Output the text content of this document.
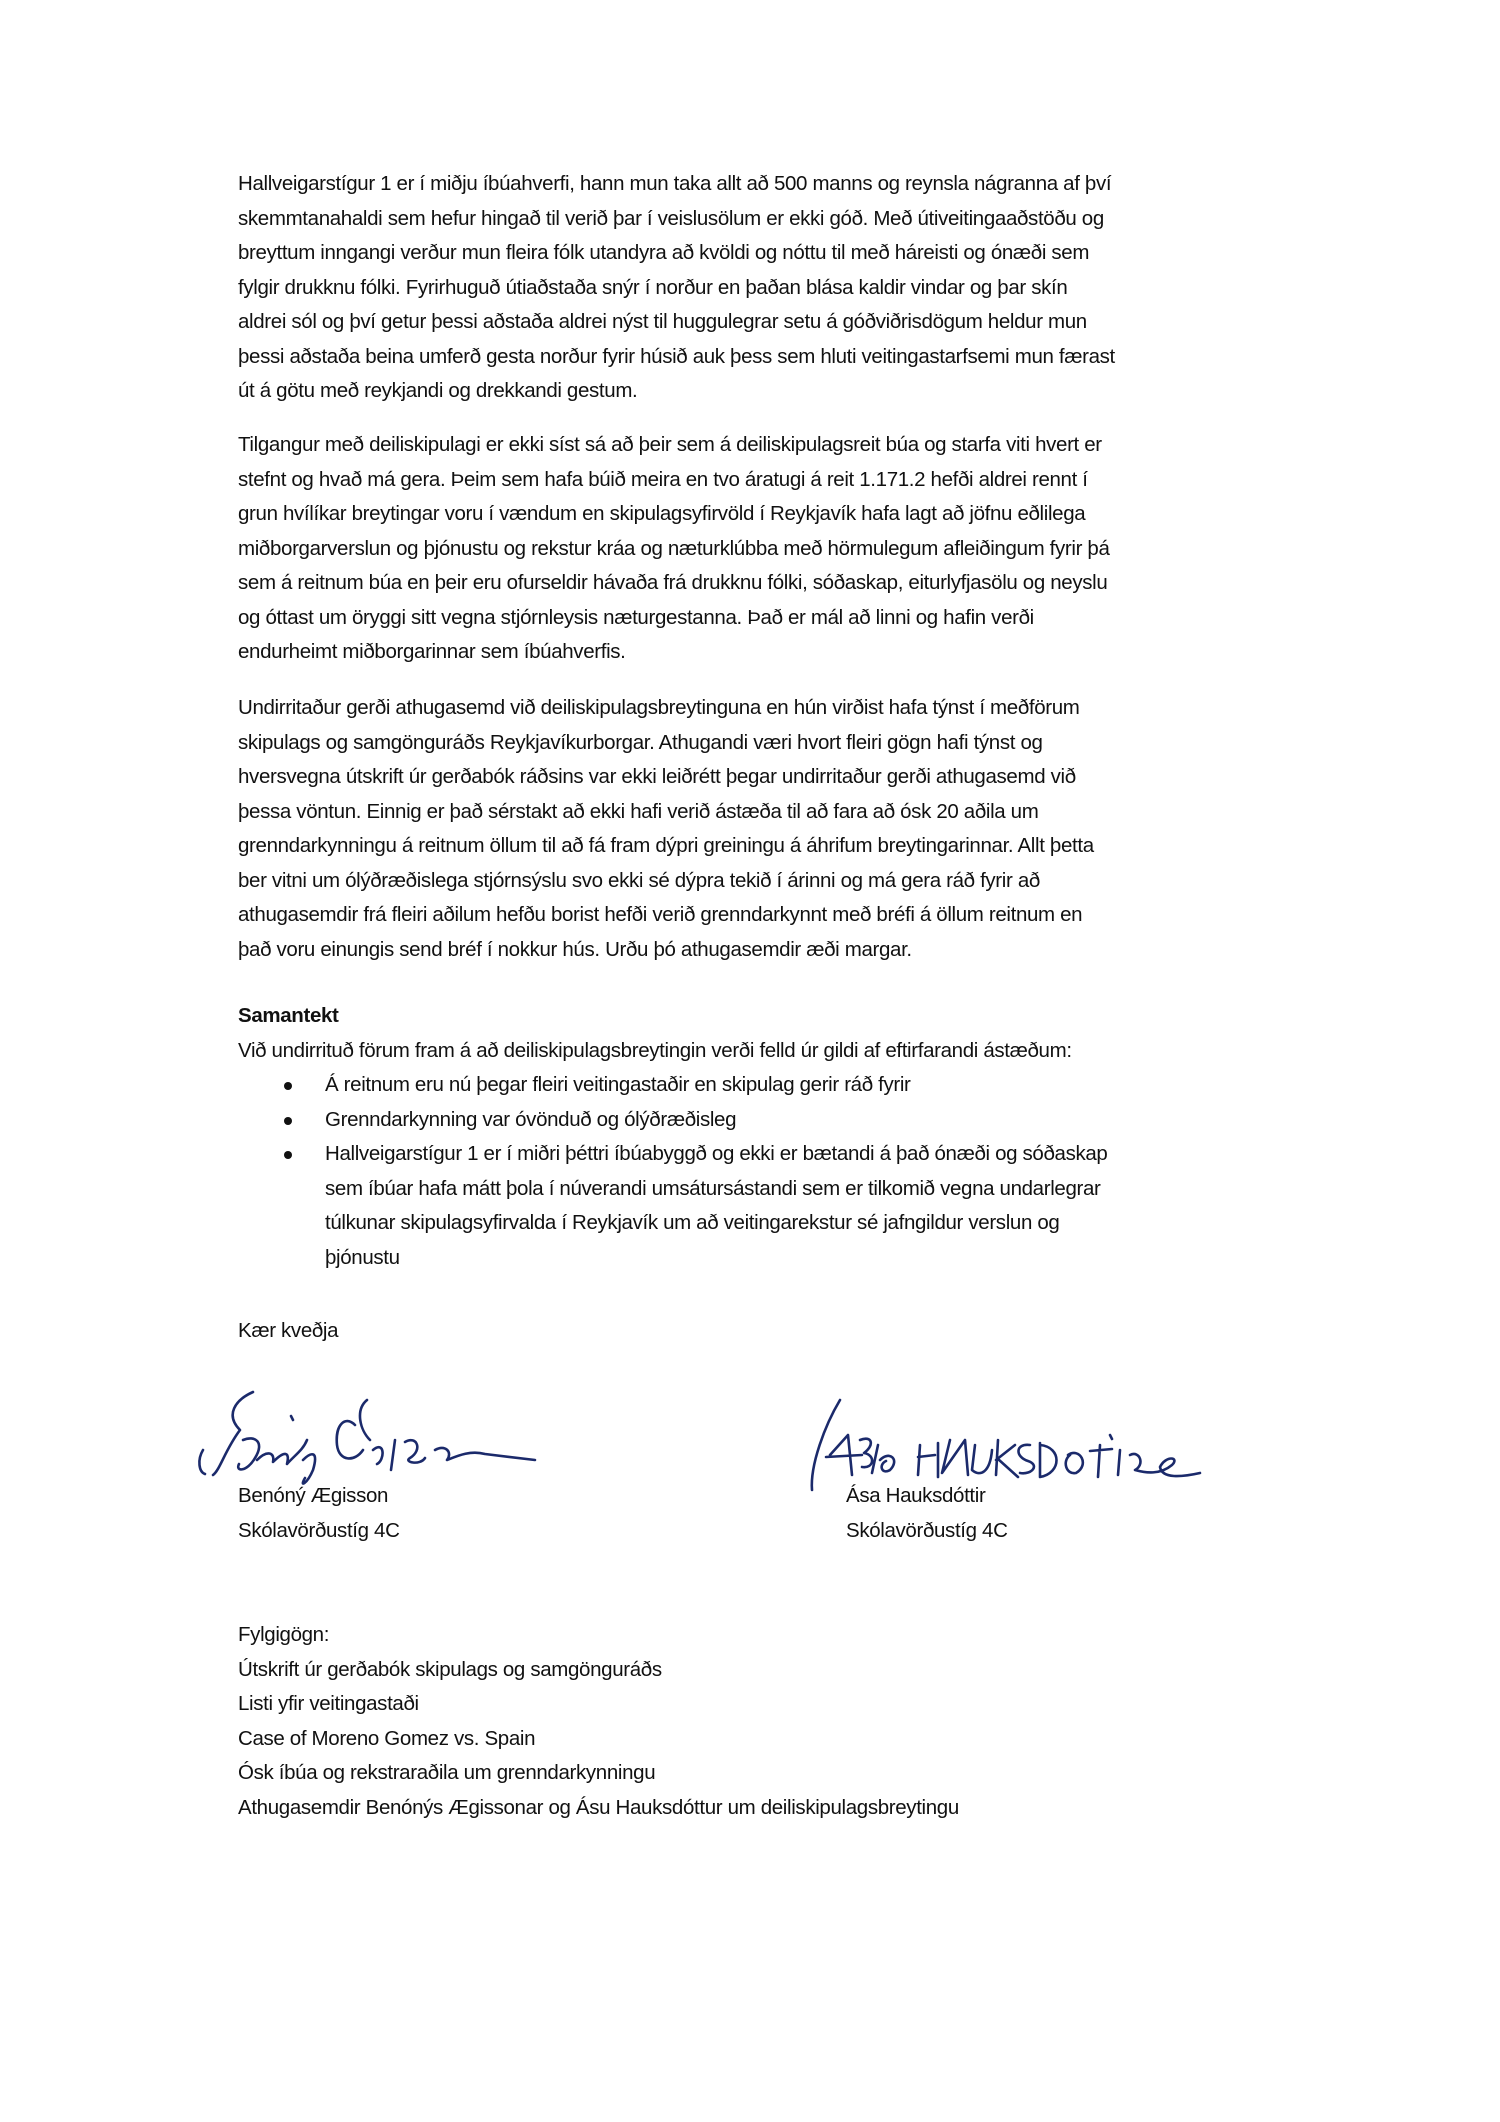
Hallveigarstígur 1 er í miðju íbúahverfi, hann mun taka allt að 500 manns og reynsla nágranna af því
skemmtanahaldi sem hefur hingað til verið þar í veislusölum er ekki góð. Með útiveitingaaðstöðu og
breyttum inngangi verður mun fleira fólk utandyra að kvöldi og nóttu til með háreisti og ónæði sem
fylgir drukknu fólki. Fyrirhuguð útiaðstaða snýr í norður en þaðan blása kaldir vindar og þar skín
aldrei sól og því getur þessi aðstaða aldrei nýst til huggulegrar setu á góðviðrisdögum heldur mun
þessi aðstaða beina umferð gesta norður fyrir húsið auk þess sem hluti veitingastarfsemi mun færast
út á götu með reykjandi og drekkandi gestum.
Tilgangur með deiliskipulagi er ekki síst sá að þeir sem á deiliskipulagsreit búa og starfa viti hvert er
stefnt og hvað má gera. Þeim sem hafa búið meira en tvo áratugi á reit 1.171.2 hefði aldrei rennt í
grun hvílíkar breytingar voru í vændum en skipulagsyfirvöld í Reykjavík hafa lagt að jöfnu eðlilega
miðborgarverslun og þjónustu og rekstur kráa og næturklúbba með hörmulegum afleiðingum fyrir þá
sem á reitnum búa en þeir eru ofurseldir hávaða frá drukknu fólki, sóðaskap, eiturlyfjasölu og neyslu
og óttast um öryggi sitt vegna stjórnleysis næturgestanna. Það er mál að linni og hafin verði
endurheimt miðborgarinnar sem íbúahverfis.
Undirritaður gerði athugasemd við deiliskipulagsbreytinguna en hún virðist hafa týnst í meðförum
skipulags og samgönguráðs Reykjavíkurborgar. Athugandi væri hvort fleiri gögn hafi týnst og
hversvegna útskrift úr gerðabók ráðsins var ekki leiðrétt þegar undirritaður gerði athugasemd við
þessa vöntun. Einnig er það sérstakt að ekki hafi verið ástæða til að fara að ósk 20 aðila um
grenndarkynningu á reitnum öllum til að fá fram dýpri greiningu á áhrifum breytingarinnar. Allt þetta
ber vitni um ólýðræðislega stjórnsýslu svo ekki sé dýpra tekið í árinni og má gera ráð fyrir að
athugasemdir frá fleiri aðilum hefðu borist hefði verið grenndarkynnt með bréfi á öllum reitnum en
það voru einungis send bréf í nokkur hús. Urðu þó athugasemdir æði margar.
Samantekt
Við undirrituð förum fram á að deiliskipulagsbreytingin verði felld úr gildi af eftirfarandi ástæðum:
Á reitnum eru nú þegar fleiri veitingastaðir en skipulag gerir ráð fyrir
Grenndarkynning var óvönduð og ólýðræðisleg
Hallveigarstígur 1 er í miðri þéttri íbúabyggð og ekki er bætandi á það ónæði og sóðaskap
sem íbúar hafa mátt þola í núverandi umsátursástandi sem er tilkomið vegna undarlegrar
túlkunar skipulagsyfirvalda í Reykjavík um að veitingarekstur sé jafngildur verslun og
þjónustu
Kær kveðja
Benóný Ægisson
Skólavörðustíg 4C
Ása Hauksdóttir
Skólavörðustíg 4C
Fylgigögn:
Útskrift úr gerðabók skipulags og samgönguráðs
Listi yfir veitingastaði
Case of Moreno Gomez vs. Spain
Ósk íbúa og rekstraraðila um grenndarkynningu
Athugasemdir Benónýs Ægissonar og Ásu Hauksdóttur um deiliskipulagsbreytingu
